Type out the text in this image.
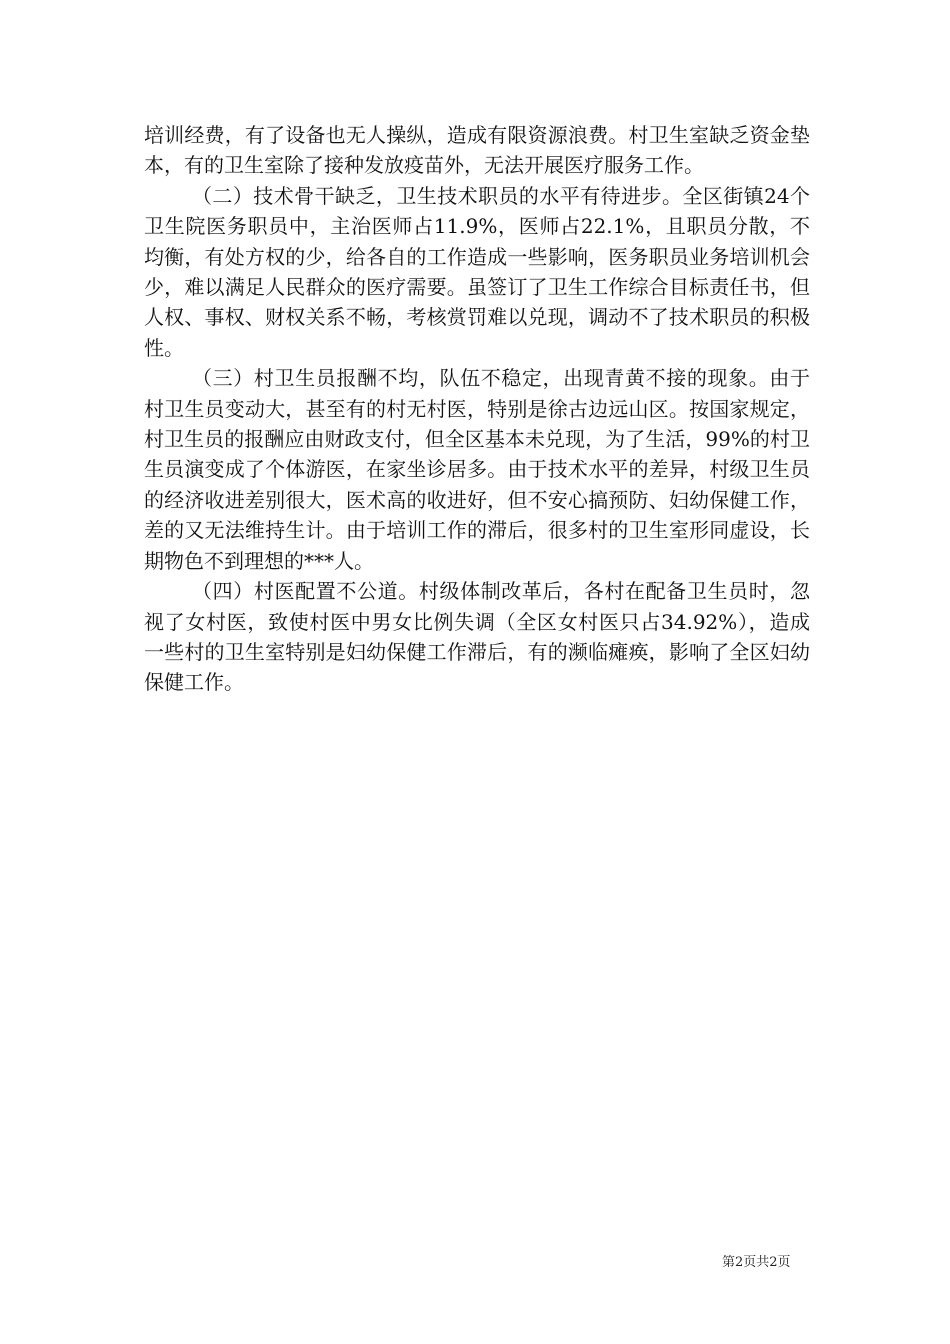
培训经费，有了设备也无人操纵，造成有限资源浪费。村卫生室缺乏资金垫本，有的卫生室除了接种发放疫苗外，无法开展医疗服务工作。

（二）技术骨干缺乏，卫生技术职员的水平有待进步。全区街镇24个卫生院医务职员中，主治医师占11.9%，医师占22.1%，且职员分散，不均衡，有处方权的少，给各自的工作造成一些影响，医务职员业务培训机会少，难以满足人民群众的医疗需要。虽签订了卫生工作综合目标责任书，但人权、事权、财权关系不畅，考核赏罚难以兑现，调动不了技术职员的积极性。

（三）村卫生员报酬不均，队伍不稳定，出现青黄不接的现象。由于村卫生员变动大，甚至有的村无村医，特别是徐古边远山区。按国家规定，村卫生员的报酬应由财政支付，但全区基本未兑现，为了生活，99%的村卫生员演变成了个体游医，在家坐诊居多。由于技术水平的差异，村级卫生员的经济收进差别很大，医术高的收进好，但不安心搞预防、妇幼保健工作，差的又无法维持生计。由于培训工作的滞后，很多村的卫生室形同虚设，长期物色不到理想的***人。

（四）村医配置不公道。村级体制改革后，各村在配备卫生员时，忽视了女村医，致使村医中男女比例失调（全区女村医只占34.92%），造成一些村的卫生室特别是妇幼保健工作滞后，有的濒临瘫痪，影响了全区妇幼保健工作。

第2页共2页
